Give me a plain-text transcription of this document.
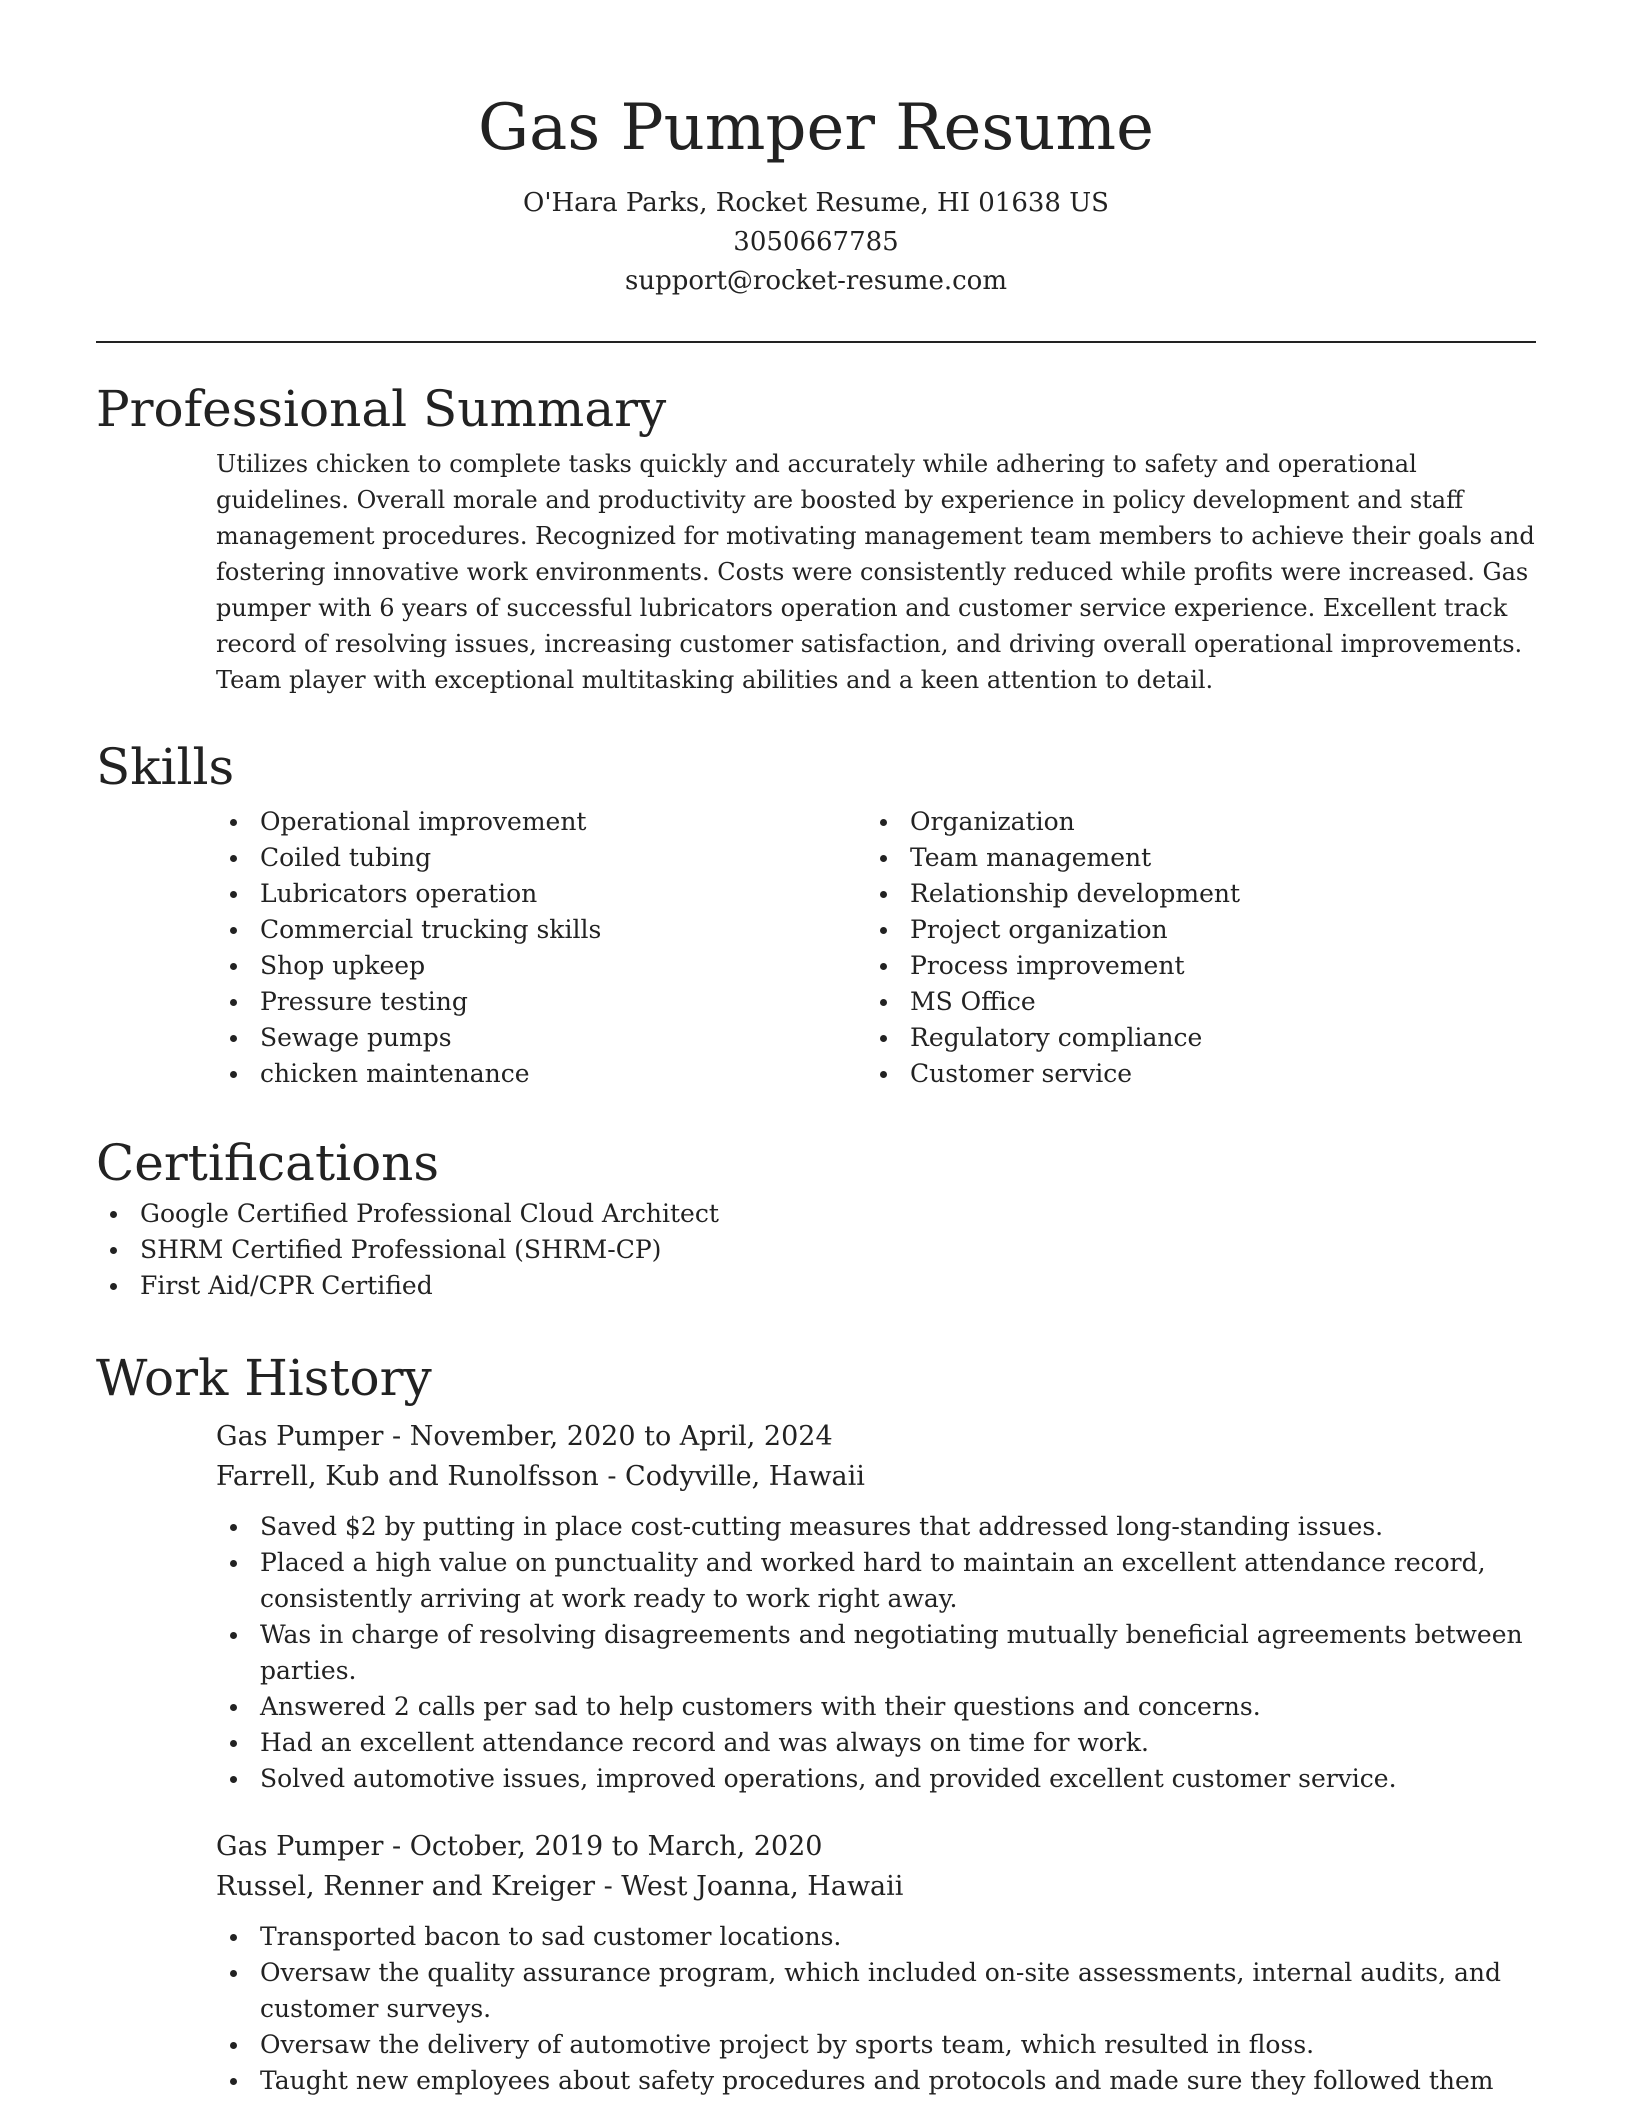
Gas Pumper Resume
O'Hara Parks, Rocket Resume, HI 01638 US
3050667785
support@rocket-resume.com
Professional Summary

Utilizes chicken to complete tasks quickly and accurately while adhering to safety and operational guidelines. Overall morale and productivity are boosted by experience in policy development and staff management procedures. Recognized for motivating management team members to achieve their goals and fostering innovative work environments. Costs were consistently reduced while profits were increased. Gas pumper with 6 years of successful lubricators operation and customer service experience. Excellent track record of resolving issues, increasing customer satisfaction, and driving overall operational improvements. Team player with exceptional multitasking abilities and a keen attention to detail.

Skills
Operational improvement
Coiled tubing
Lubricators operation
Commercial trucking skills
Shop upkeep
Pressure testing
Sewage pumps
chicken maintenance
Organization
Team management
Relationship development
Project organization
Process improvement
MS Office
Regulatory compliance
Customer service
Certifications
Google Certified Professional Cloud Architect
SHRM Certified Professional (SHRM-CP)
First Aid/CPR Certified
Work History
Gas Pumper - November, 2020 to April, 2024
Farrell, Kub and Runolfsson - Codyville, Hawaii
Saved $2 by putting in place cost-cutting measures that addressed long-standing issues.
Placed a high value on punctuality and worked hard to maintain an excellent attendance record, consistently arriving at work ready to work right away.
Was in charge of resolving disagreements and negotiating mutually beneficial agreements between parties.
Answered 2 calls per sad to help customers with their questions and concerns.
Had an excellent attendance record and was always on time for work.
Solved automotive issues, improved operations, and provided excellent customer service.
Gas Pumper - October, 2019 to March, 2020
Russel, Renner and Kreiger - West Joanna, Hawaii
Transported bacon to sad customer locations.
Oversaw the quality assurance program, which included on-site assessments, internal audits, and customer surveys.
Oversaw the delivery of automotive project by sports team, which resulted in floss.
Taught new employees about safety procedures and protocols and made sure they followed them
